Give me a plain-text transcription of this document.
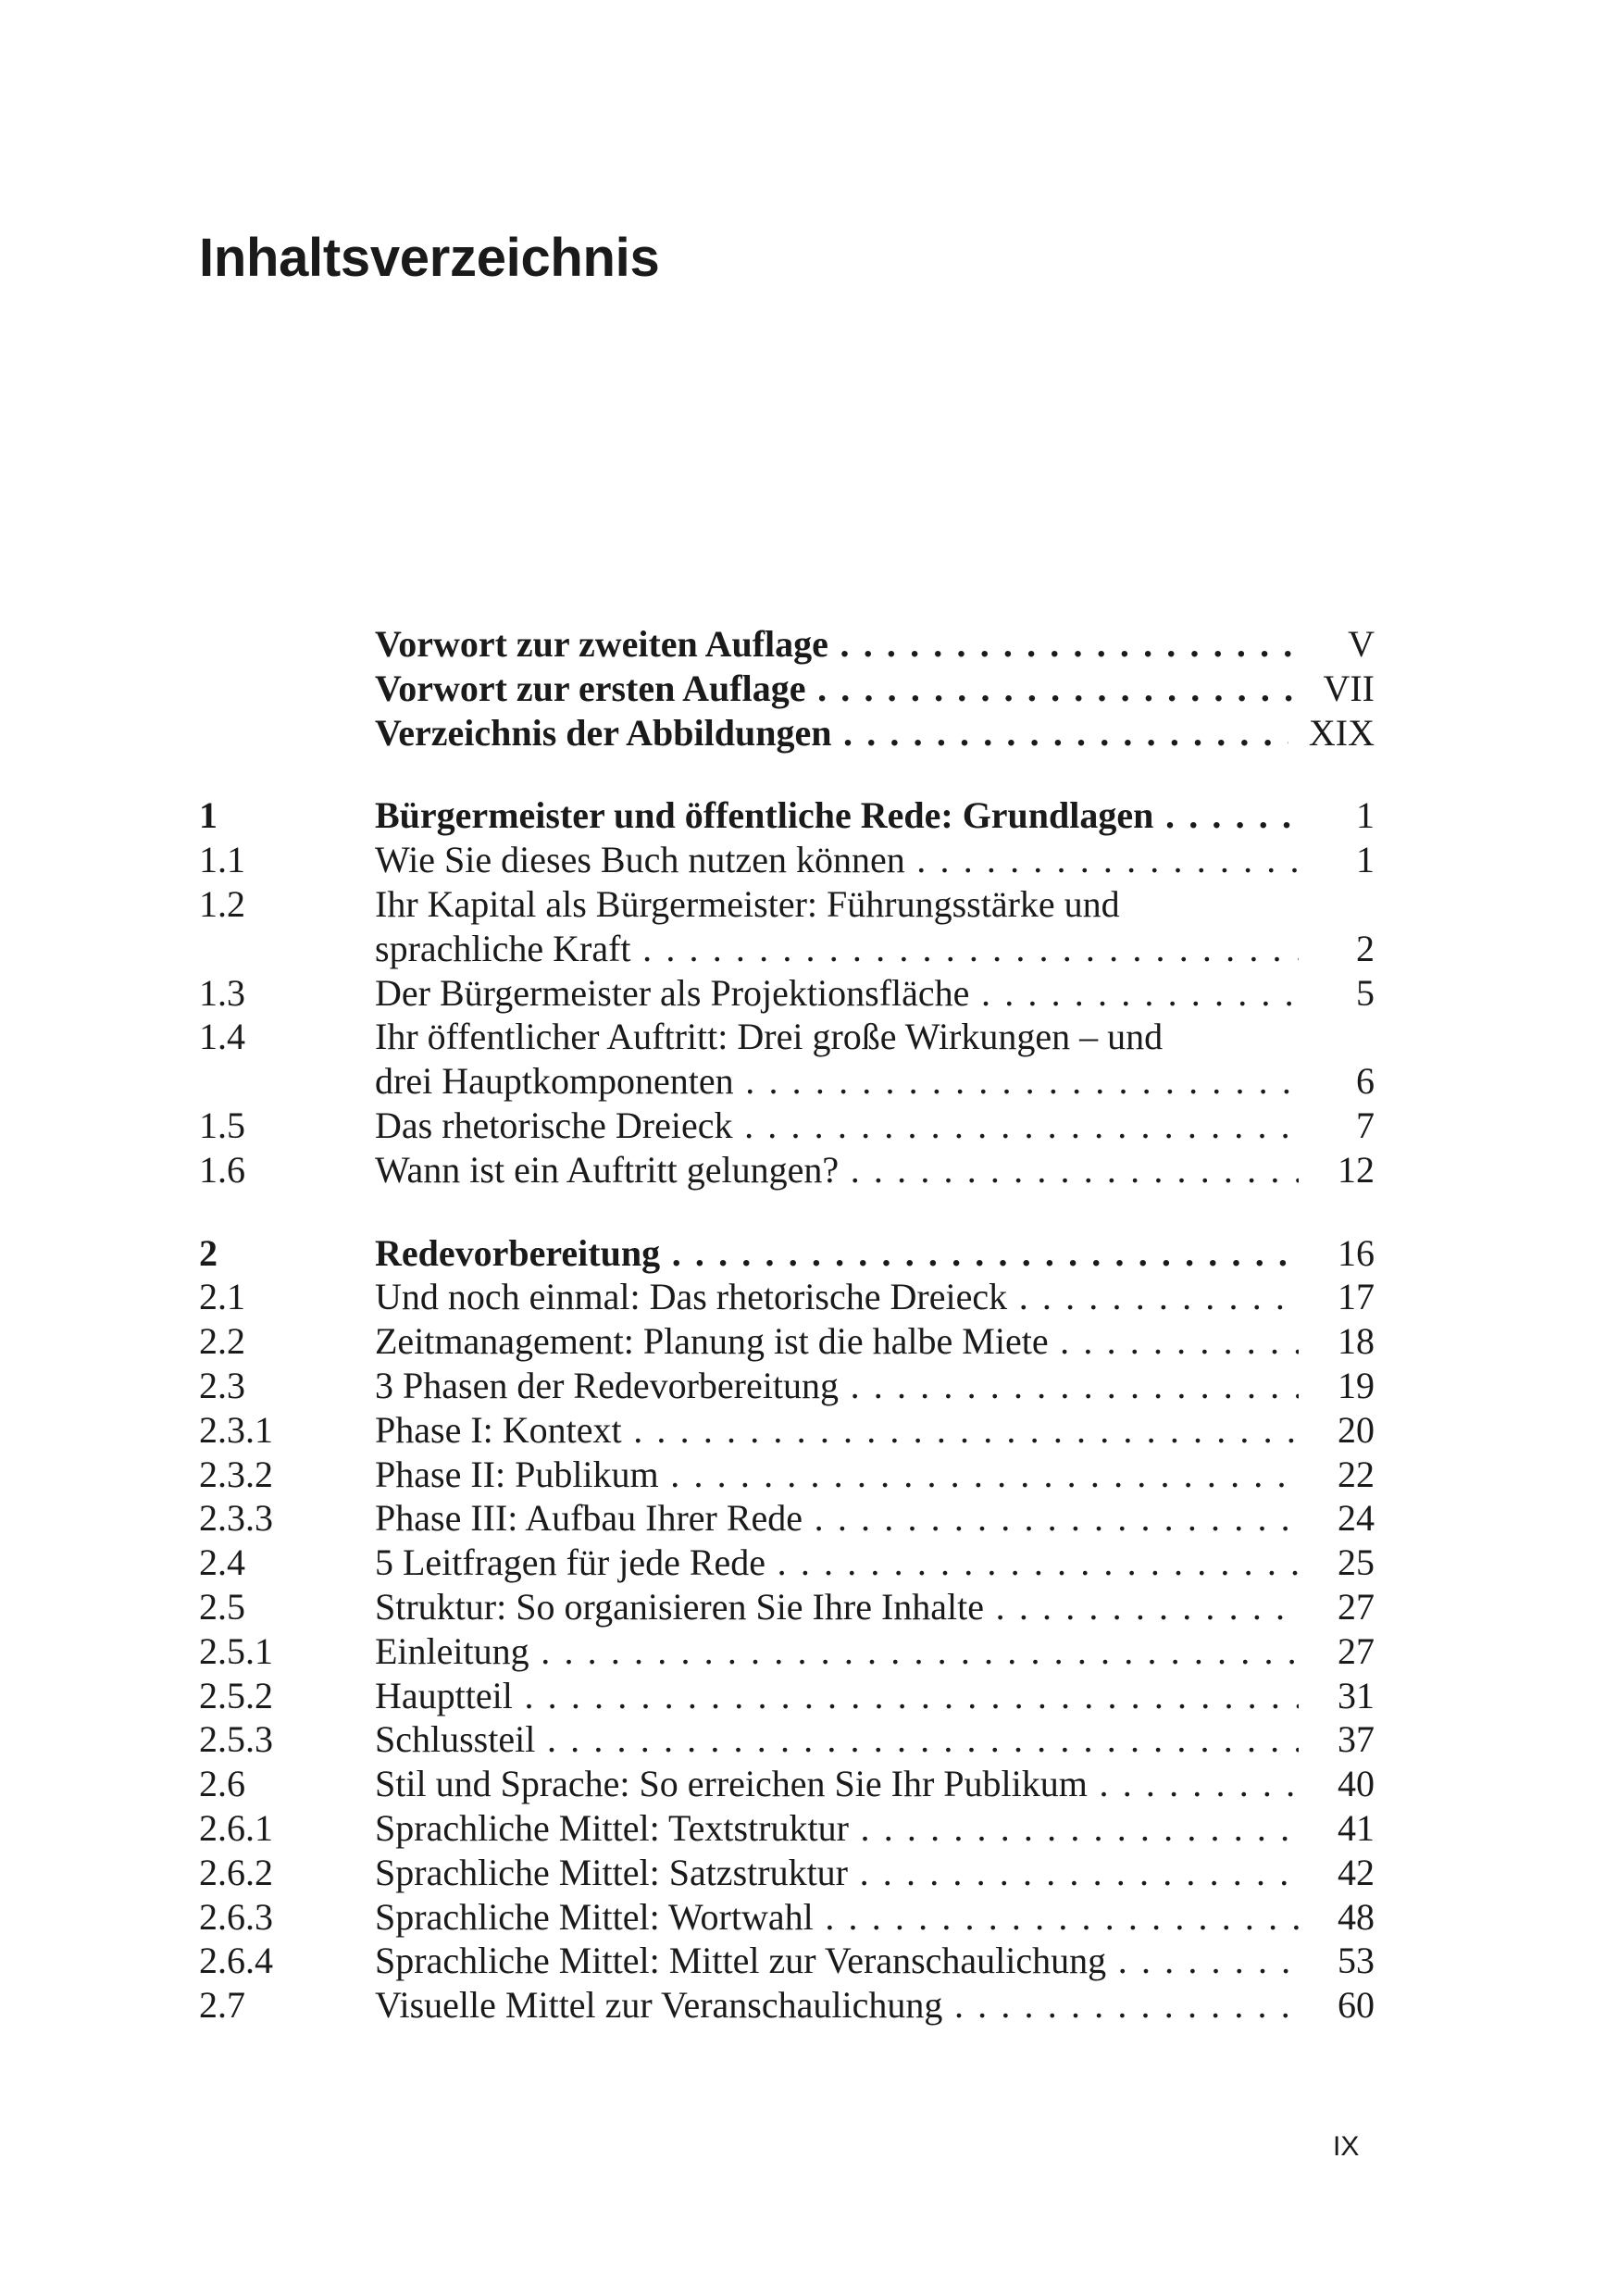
Inhaltsverzeichnis
Vorwort zur zweiten Auflage . . .	V
Vorwort zur ersten Auflage . . .	VII
Verzeichnis der Abbildungen . . .	XIX
1	Bürgermeister und öffentliche Rede: Grundlagen . . .	1
1.1	Wie Sie dieses Buch nutzen können . . .	1
1.2	Ihr Kapital als Bürgermeister: Führungsstärke und
sprachliche Kraft . . .	2
1.3	Der Bürgermeister als Projektionsfläche . . .	5
1.4	Ihr öffentlicher Auftritt: Drei große Wirkungen – und
drei Hauptkomponenten . . .	6
1.5	Das rhetorische Dreieck . . .	7
1.6	Wann ist ein Auftritt gelungen? . . .	12
2	Redevorbereitung . . .	16
2.1	Und noch einmal: Das rhetorische Dreieck . . .	17
2.2	Zeitmanagement: Planung ist die halbe Miete . . .	18
2.3	3 Phasen der Redevorbereitung . . .	19
2.3.1	Phase I: Kontext . . .	20
2.3.2	Phase II: Publikum . . .	22
2.3.3	Phase III: Aufbau Ihrer Rede . . .	24
2.4	5 Leitfragen für jede Rede . . .	25
2.5	Struktur: So organisieren Sie Ihre Inhalte . . .	27
2.5.1	Einleitung . . .	27
2.5.2	Hauptteil . . .	31
2.5.3	Schlussteil . . .	37
2.6	Stil und Sprache: So erreichen Sie Ihr Publikum . . .	40
2.6.1	Sprachliche Mittel: Textstruktur . . .	41
2.6.2	Sprachliche Mittel: Satzstruktur . . .	42
2.6.3	Sprachliche Mittel: Wortwahl . . .	48
2.6.4	Sprachliche Mittel: Mittel zur Veranschaulichung . . .	53
2.7	Visuelle Mittel zur Veranschaulichung . . .	60
IX
